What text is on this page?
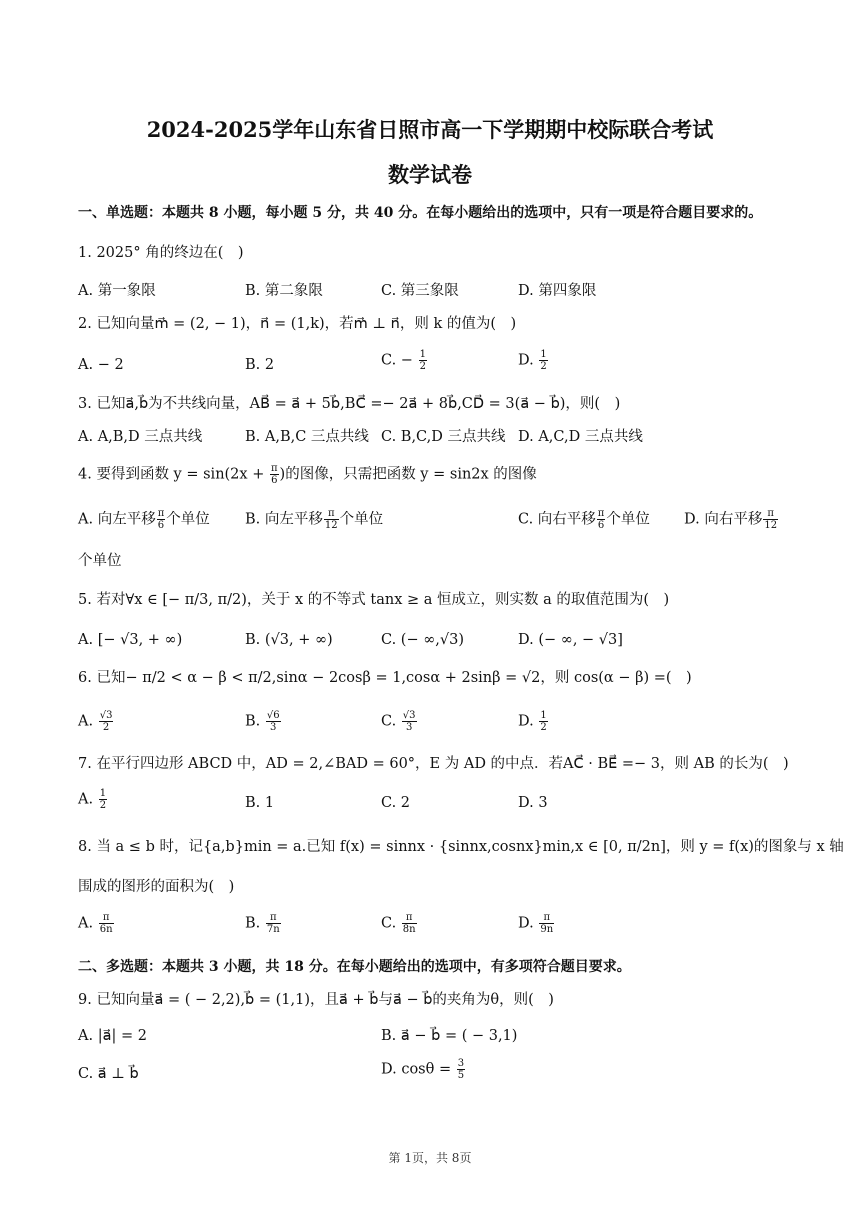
2024-2025学年山东省日照市高一下学期期中校际联合考试
数学试卷
一、单选题：本题共 8 小题，每小题 5 分，共 40 分。在每小题给出的选项中，只有一项是符合题目要求的。
1. 2025° 角的终边在(　)
A. 第一象限	B. 第二象限	C. 第三象限	D. 第四象限
2. 已知向量m⃗ = (2, − 1)，n⃗ = (1,k)，若m⃗ ⊥ n⃗，则 k 的值为(　)
A. − 2	B. 2	C. − $\frac{1}{2}$	D. $\frac{1}{2}$
3. 已知a⃗,b⃗为不共线向量，AB⃗ = a⃗ + 5b⃗,BC⃗ =− 2a⃗ + 8b⃗,CD⃗ = 3(a⃗ − b⃗)，则(　)
A. A,B,D 三点共线	B. A,B,C 三点共线 C. B,C,D 三点共线 D. A,C,D 三点共线
4. 要得到函数 $y = \sin(2x + \frac{\pi}{6}$ )的图像，只需把函数 y = sin2x 的图像
A. 向左平移 $\frac{\pi}{6}$ 个单位 B. 向左平移 $\frac{\pi}{12}$ 个单位	C. 向右平移 $\frac{\pi}{6}$ 个单位 D. 向右平移 $\frac{\pi}{12}$
个单位
5. 若对∀x ∈ [− π/3, π/2)，关于 x 的不等式 tanx ≥ a 恒成立，则实数 a 的取值范围为(　)
A. [− √3, + ∞)	B. (√3, + ∞)	C. (− ∞,√3)	D. (− ∞, − √3]
6. 已知− π/2 < α − β < π/2,sinα − 2cosβ = 1,cosα + 2sinβ = √2，则 cos(α − β) =(　)
A. $\frac{√3}{2}$	B. $\frac{√6}{3}$	C. $\frac{√3}{3}$	D. $\frac{1}{2}$
7. 在平行四边形 ABCD 中，AD = 2,∠BAD = 60°，E 为 AD 的中点．若AC⃗ · BE⃗ =− 3，则 AB 的长为(　)
A. $\frac{1}{2}$	B. 1	C. 2	D. 3
8. 当 a ≤ b 时，记{a,b}min = a.已知 f(x) = sinnx · {sinnx,cosnx}min,x ∈ [0, π/2n]，则 y = f(x)的图象与 x 轴
围成的图形的面积为(　)
A. $\frac{\pi}{6n}$	B. $\frac{\pi}{7n}$	C. $\frac{\pi}{8n}$	D. $\frac{\pi}{9n}$
二、多选题：本题共 3 小题，共 18 分。在每小题给出的选项中，有多项符合题目要求。
9. 已知向量a⃗ = ( − 2,2),b⃗ = (1,1)，且a⃗ + b⃗与a⃗ − b⃗的夹角为θ，则(　)
A. |a⃗| = 2	B. a⃗ − b⃗ = ( − 3,1)
C. a⃗ ⊥ b⃗	D. $\cos\theta = \frac{3}{5}$
第 1页，共 8页
